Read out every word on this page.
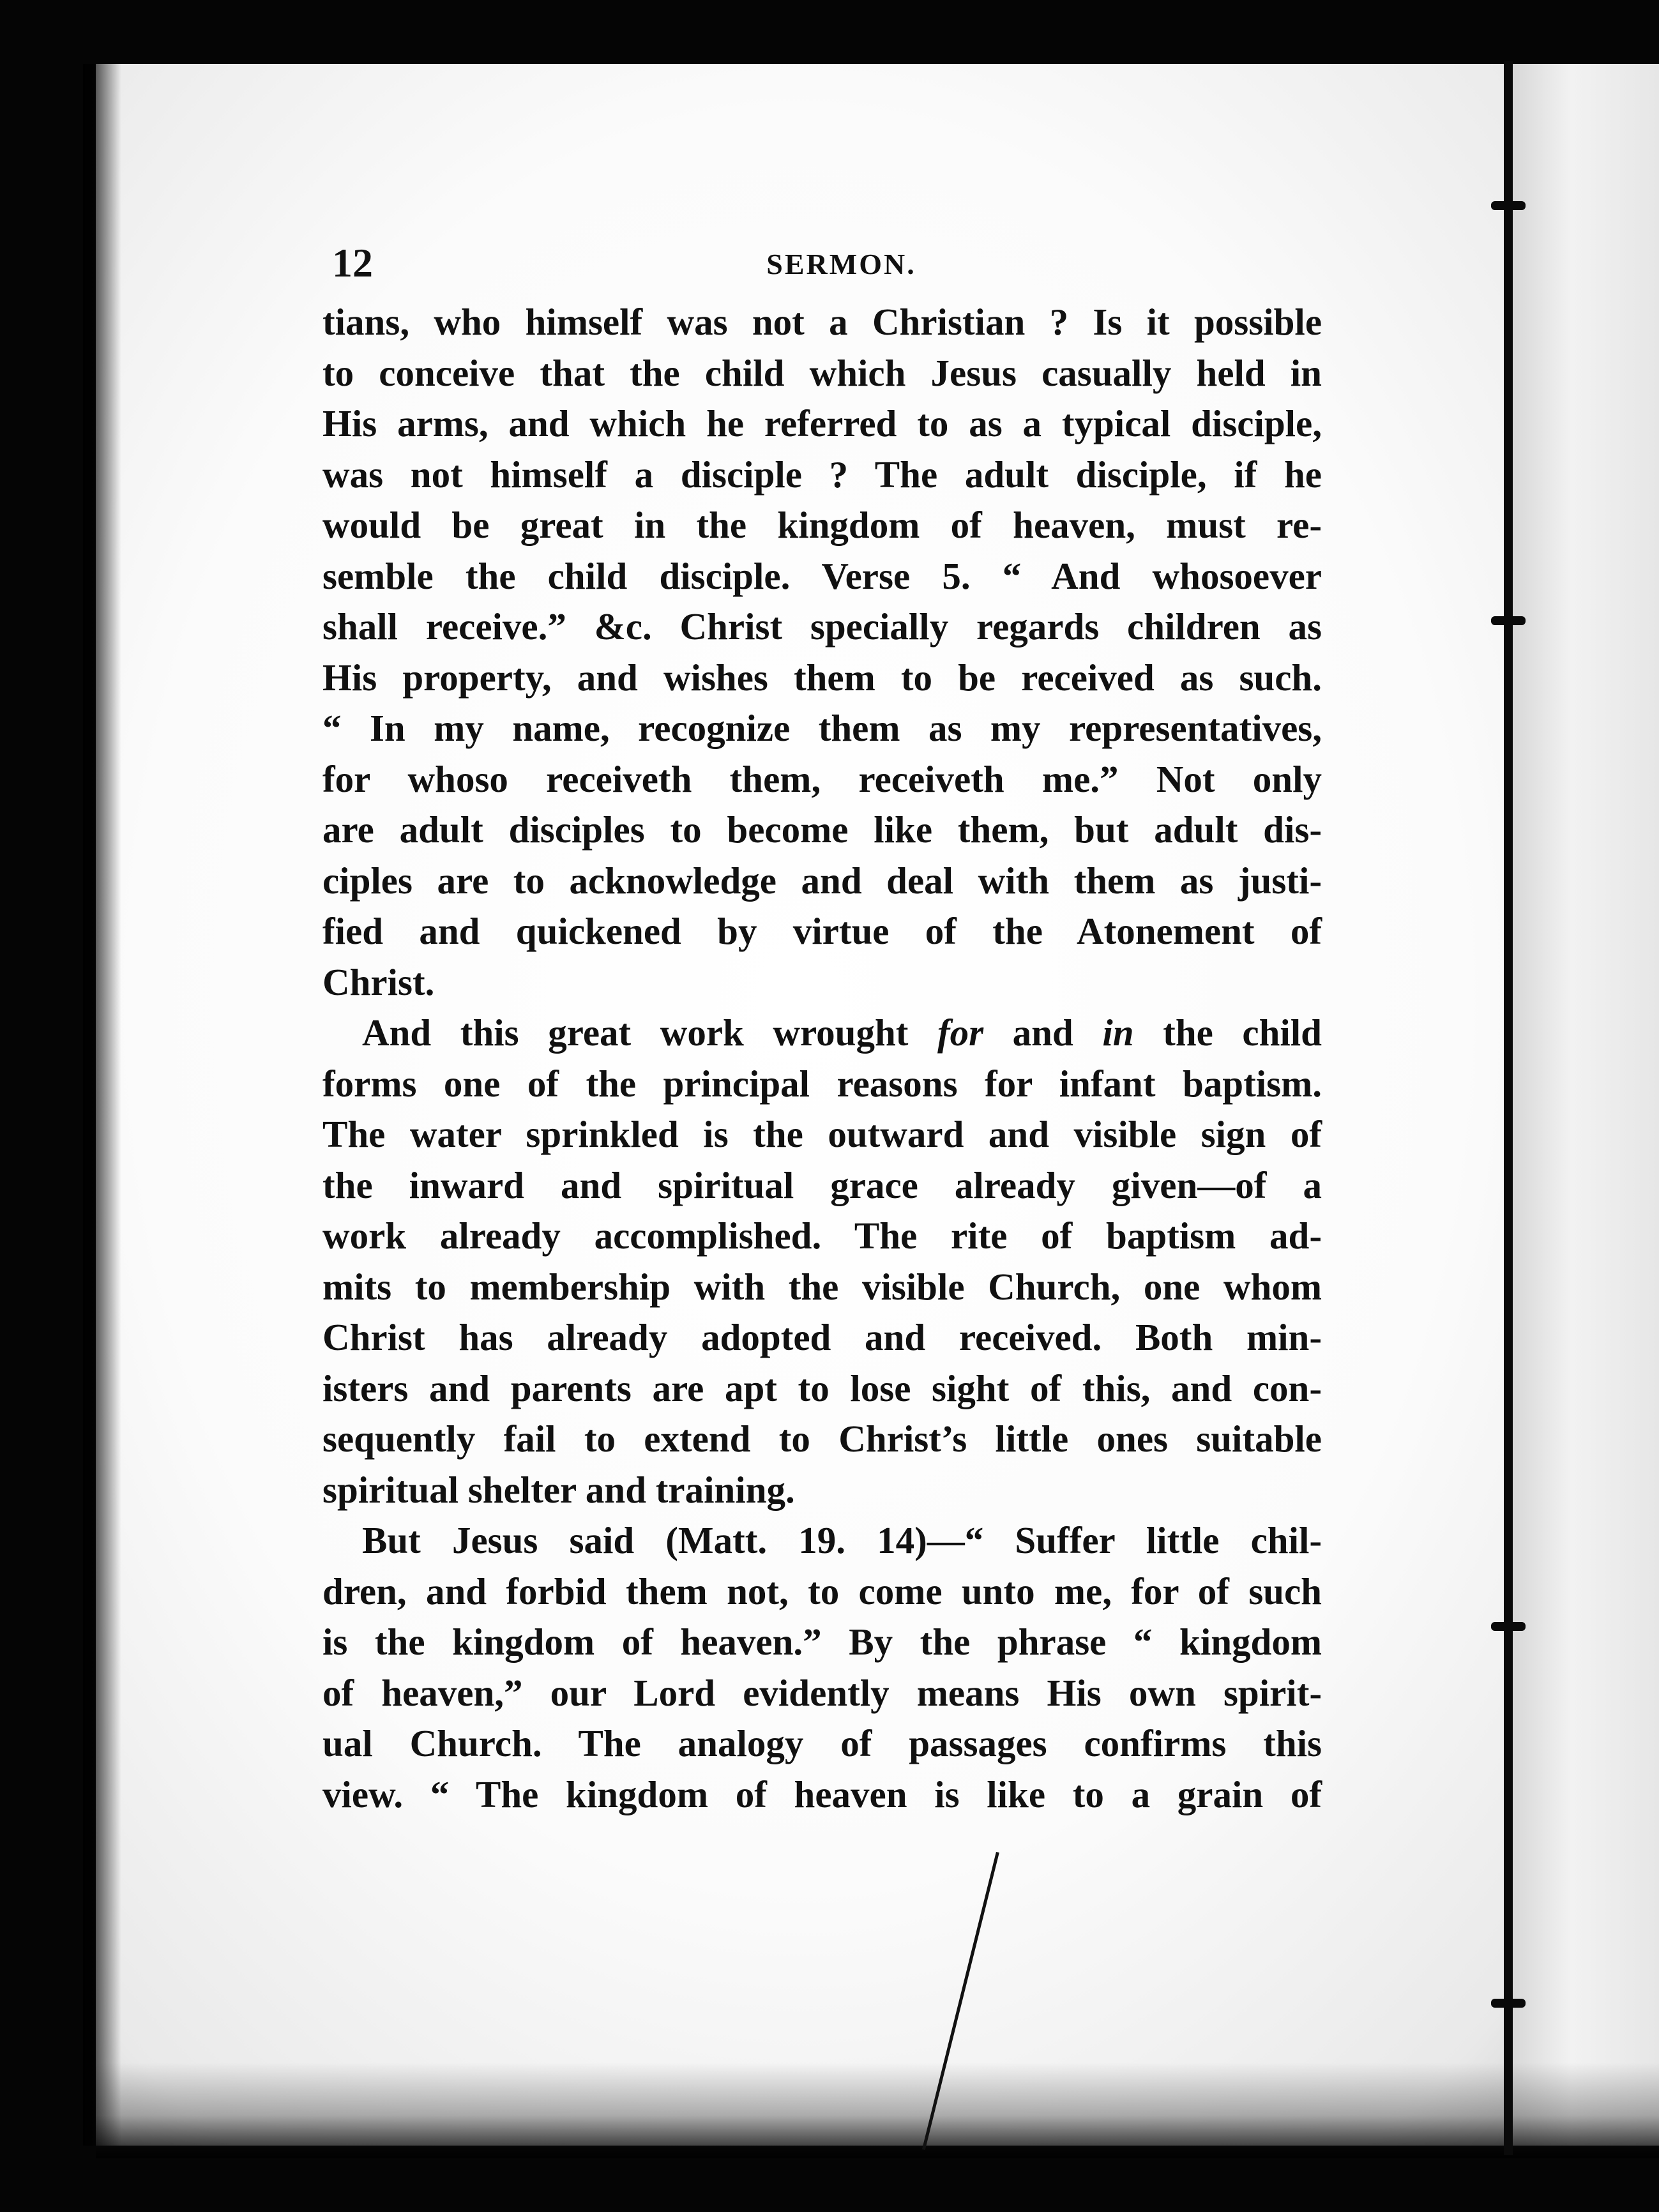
12	SERMON.

tians, who himself was not a Christian ? Is it possible
to conceive that the child which Jesus casually held in
His arms, and which he referred to as a typical disciple,
was not himself a disciple ? The adult disciple, if he
would be great in the kingdom of heaven, must re-
semble the child disciple. Verse 5. “ And whosoever
shall receive.” &c. Christ specially regards children as
His property, and wishes them to be received as such.
“ In my name, recognize them as my representatives,
for whoso receiveth them, receiveth me.” Not only
are adult disciples to become like them, but adult dis-
ciples are to acknowledge and deal with them as justi-
fied and quickened by virtue of the Atonement of
Christ.

And this great work wrought for and in the child
forms one of the principal reasons for infant baptism.
The water sprinkled is the outward and visible sign of
the inward and spiritual grace already given—of a
work already accomplished. The rite of baptism ad-
mits to membership with the visible Church, one whom
Christ has already adopted and received. Both min-
isters and parents are apt to lose sight of this, and con-
sequently fail to extend to Christ’s little ones suitable
spiritual shelter and training.

But Jesus said (Matt. 19. 14)—“ Suffer little chil-
dren, and forbid them not, to come unto me, for of such
is the kingdom of heaven.” By the phrase “ kingdom
of heaven,” our Lord evidently means His own spirit-
ual Church. The analogy of passages confirms this
view. “ The kingdom of heaven is like to a grain of
